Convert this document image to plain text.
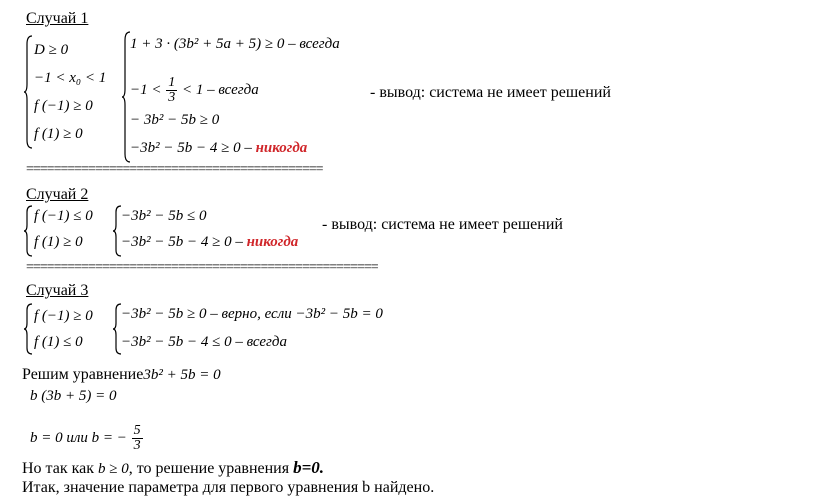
Случай 1
D ≥ 0
−1 < x₀ < 1
f (−1) ≥ 0
f (1) ≥ 0
1 + 3 · (3b² + 5a + 5) ≥ 0 – всегда
$-1 < \frac{1}{3} < 1$ – всегда
− 3b² − 5b ≥ 0
−3b² − 5b − 4 ≥ 0 – никогда
- вывод: система не имеет решений
===========================================
Случай 2
f (−1) ≤ 0
f (1) ≥ 0
−3b² − 5b ≤ 0
−3b² − 5b − 4 ≥ 0 – никогда
- вывод: система не имеет решений
===================================================
Случай 3
f (−1) ≥ 0
f (1) ≤ 0
−3b² − 5b ≥ 0 – верно, если −3b² − 5b = 0
−3b² − 5b − 4 ≤ 0 – всегда
Решим уравнение3b² + 5b = 0
b (3b + 5) = 0
b = 0 или b = − $\frac{5}{3}$
Но так как b ≥ 0, то решение уравнения b=0.
Итак, значение параметра для первого уравнения b найдено.
